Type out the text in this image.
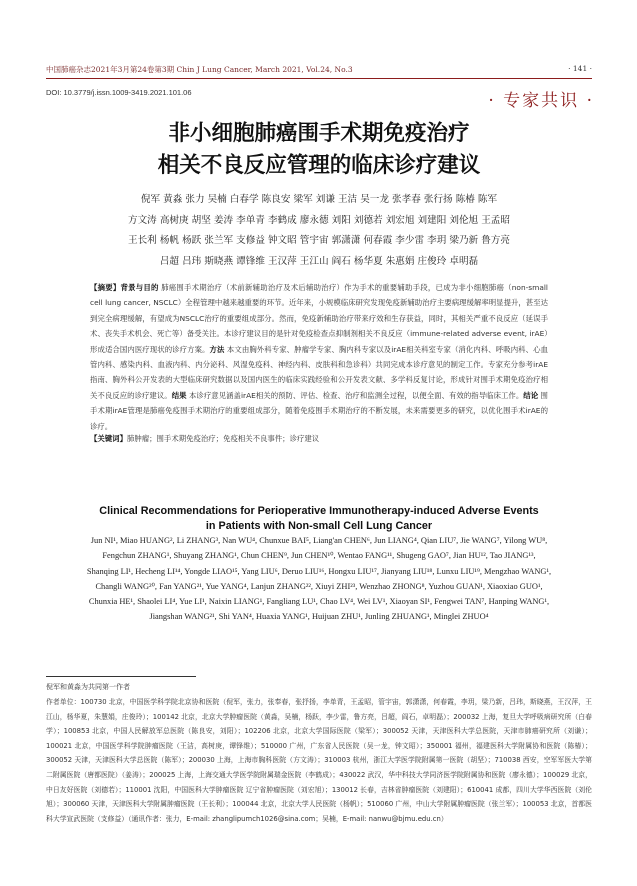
中国肺癌杂志2021年3月第24卷第3期 Chin J Lung Cancer, March 2021, Vol.24, No.3	· 141 ·
DOI: 10.3779/j.issn.1009-3419.2021.101.06	· 专家共识 ·
非小细胞肺癌围手术期免疫治疗
相关不良反应管理的临床诊疗建议
倪军 黄淼 张力 吴楠 白春学 陈良安 梁军 刘谦 王洁 吴一龙 张孝春 张行扬 陈椿 陈军
方文涛 高树庚 胡坚 姜涛 李单青 李鹤成 廖永德 刘阳 刘德若 刘宏旭 刘建阳 刘伦旭 王孟昭
王长利 杨帆 杨跃 张兰军 支修益 钟文昭 管宇宙 郭潇潇 何春霞 李少雷 李玥 梁乃新 鲁方亮
吕超 吕玮 斯晓燕 谭锋维 王汉萍 王江山 阎石 杨华夏 朱惠娟 庄俊玲 卓明磊
【摘要】背景与目的 肺癌围手术期治疗（术前新辅助治疗及术后辅助治疗）作为手术的重要辅助手段，已成为非小细胞肺癌（non-small cell lung cancer, NSCLC）全程管理中越来越重要的环节。近年来，小规模临床研究发现免疫新辅助治疗主要病理缓解率明显提升，甚至达到完全病理缓解，有望成为NSCLC治疗的重要组成部分。然而，免疫新辅助治疗带来疗效和生存获益，同时，其相关严重不良反应（延误手术、丧失手术机会、死亡等）备受关注。本诊疗建议目的是针对免疫检查点抑制剂相关不良反应（immune-related adverse event, irAE）形成适合国内医疗现状的诊疗方案。方法 本文由胸外科专家、肿瘤学专家、胸内科专家以及irAE相关科室专家（消化内科、呼吸内科、心血管内科、感染内科、血液内科、内分泌科、风湿免疫科、神经内科、皮肤科和急诊科）共同完成本诊疗意见的制定工作。专家充分参考irAE指南、胸外科公开发表的大型临床研究数据以及国内医生的临床实践经验和公开发表文献、多学科反复讨论，形成针对围手术期免疫治疗相关不良反应的诊疗建议。结果 本诊疗意见涵盖irAE相关的预防、评估、检查、治疗和监测全过程，以便全面、有效的指导临床工作。结论 围手术期irAE管理是肺癌免疫围手术期治疗的重要组成部分，随着免疫围手术期治疗的不断发展，未来需要更多的研究，以优化围手术irAE的诊疗。
【关键词】肺肿瘤；围手术期免疫治疗；免疫相关不良事件；诊疗建议
Clinical Recommendations for Perioperative Immunotherapy-induced Adverse Events
in Patients with Non-small Cell Lung Cancer
Jun NI¹, Miao HUANG², Li ZHANG³, Nan WU⁴, Chunxue BAI⁵, Liang'an CHEN⁶, Jun LIANG⁴, Qian LIU⁷, Jie WANG⁷, Yilong WU⁸, Fengchun ZHANG¹, Shuyang ZHANG¹, Chun CHEN⁹, Jun CHEN¹⁰, Wentao FANG¹¹, Shugeng GAO⁷, Jian HU¹², Tao JIANG¹³, Shanqing LI¹, Hecheng LI¹⁴, Yongde LIAO¹⁵, Yang LIU⁶, Deruo LIU¹⁶, Hongxu LIU¹⁷, Jianyang LIU¹⁸, Lunxu LIU¹⁹, Mengzhao WANG¹, Changli WANG²⁰, Fan YANG²¹, Yue YANG⁴, Lanjun ZHANG²², Xiuyi ZHI²³, Wenzhao ZHONG⁸, Yuzhou GUAN¹, Xiaoxiao GUO¹, Chunxia HE¹, Shaolei LI⁴, Yue LI¹, Naixin LIANG¹, Fangliang LU¹, Chao LV⁴, Wei LV¹, Xiaoyan SI¹, Fengwei TAN⁷, Hanping WANG¹, Jiangshan WANG²¹, Shi YAN⁴, Huaxia YANG¹, Huijuan ZHU¹, Junling ZHUANG¹, Minglei ZHUO⁴
倪军和黄淼为共同第一作者
作者单位：100730 北京，中国医学科学院北京协和医院（倪军，张力，张奉春，张抒扬，李单青，王孟昭，管宇宙，郭潇潇，何春霞，李玥，梁乃新，吕玮，斯晓燕，王汉萍，王江山，杨华夏，朱慧娟，庄俊玲）；100142 北京，北京大学肿瘤医院（黄淼，吴楠，杨跃，李少雷，鲁方亮，吕超，阎石，卓明磊）；200032 上海，复旦大学呼吸病研究所（白春学）；100853 北京，中国人民解放军总医院（陈良安，刘阳）；102206 北京，北京大学国际医院（梁军）；300052 天津，天津医科大学总医院，天津市肺癌研究所（刘谦）；100021 北京，中国医学科学院肿瘤医院（王洁，高树庚，谭锋维）；510000 广州，广东省人民医院（吴一龙，钟文昭）；350001 福州，福建医科大学附属协和医院（陈椿）；300052 天津，天津医科大学总医院（陈军）；200030 上海，上海市胸科医院（方文涛）；310003 杭州，浙江大学医学院附属第一医院（胡坚）；710038 西安，空军军医大学第二附属医院（唐都医院）（姜涛）；200025 上海，上海交通大学医学院附属瑞金医院（李鹤成）；430022 武汉，华中科技大学同济医学院附属协和医院（廖永德）；100029 北京，中日友好医院（刘德若）；110001 沈阳，中国医科大学肿瘤医院 辽宁省肿瘤医院（刘宏旭）；130012 长春，吉林省肿瘤医院（刘建阳）；610041 成都，四川大学华西医院（刘伦旭）；300060 天津，天津医科大学附属肿瘤医院（王长利）；100044 北京，北京大学人民医院（杨帆）；510060 广州，中山大学附属肿瘤医院（张兰军）；100053 北京，首都医科大学宣武医院（支修益）（通讯作者：张力，E-mail: zhanglipumch1026@sina.com；吴楠，E-mail: nanwu@bjmu.edu.cn）
